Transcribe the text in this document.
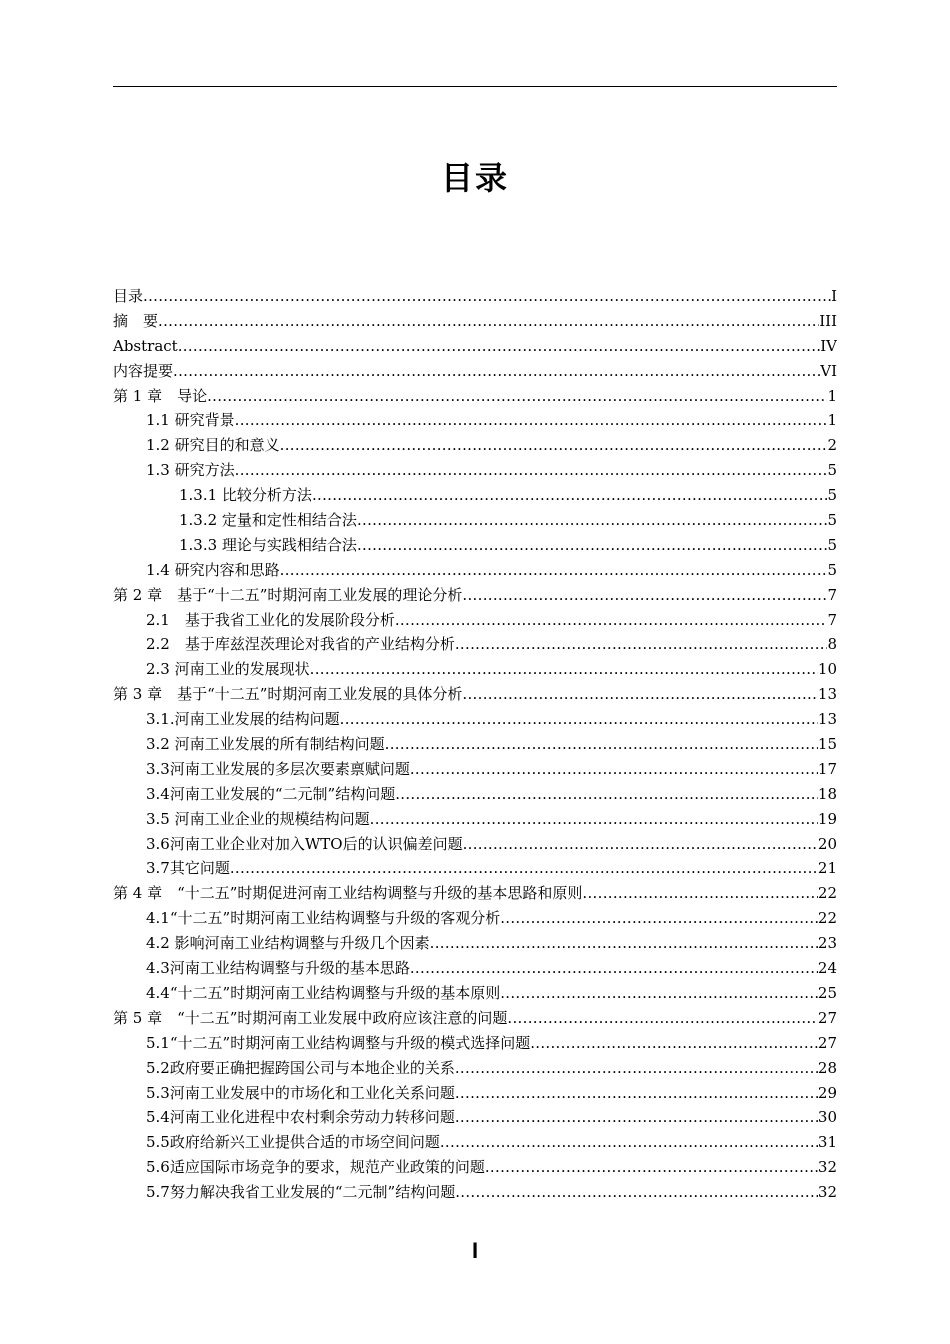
目录
目录 .....	I
摘　要 .....	III
Abstract .....	IV
内容提要 .....	VI
第 1 章　导论 .....	1
1.1 研究背景 .....	1
1.2 研究目的和意义 .....	2
1.3 研究方法 .....	5
1.3.1 比较分析方法 .....	5
1.3.2 定量和定性相结合法 .....	5
1.3.3 理论与实践相结合法 .....	5
1.4 研究内容和思路 .....	5
第 2 章　基于“十二五”时期河南工业发展的理论分析 .....	7
2.1　基于我省工业化的发展阶段分析 .....	7
2.2　基于库兹涅茨理论对我省的产业结构分析 .....	8
2.3 河南工业的发展现状 .....	10
第 3 章　基于“十二五”时期河南工业发展的具体分析 .....	13
3.1.河南工业发展的结构问题 .....	13
3.2 河南工业发展的所有制结构问题 .....	15
3.3河南工业发展的多层次要素禀赋问题 .....	17
3.4河南工业发展的“二元制”结构问题 .....	18
3.5 河南工业企业的规模结构问题 .....	19
3.6河南工业企业对加入WTO后的认识偏差问题 .....	20
3.7其它问题 .....	21
第 4 章　“十二五”时期促进河南工业结构调整与升级的基本思路和原则 .....	22
4.1“十二五”时期河南工业结构调整与升级的客观分析 .....	22
4.2 影响河南工业结构调整与升级几个因素 .....	23
4.3河南工业结构调整与升级的基本思路 .....	24
4.4“十二五”时期河南工业结构调整与升级的基本原则 .....	25
第 5 章　“十二五”时期河南工业发展中政府应该注意的问题 .....	27
5.1“十二五”时期河南工业结构调整与升级的模式选择问题 .....	27
5.2政府要正确把握跨国公司与本地企业的关系 .....	28
5.3河南工业发展中的市场化和工业化关系问题 .....	29
5.4河南工业化进程中农村剩余劳动力转移问题 .....	30
5.5政府给新兴工业提供合适的市场空间问题 .....	31
5.6适应国际市场竞争的要求，规范产业政策的问题 .....	32
5.7努力解决我省工业发展的“二元制”结构问题 .....	32
I
